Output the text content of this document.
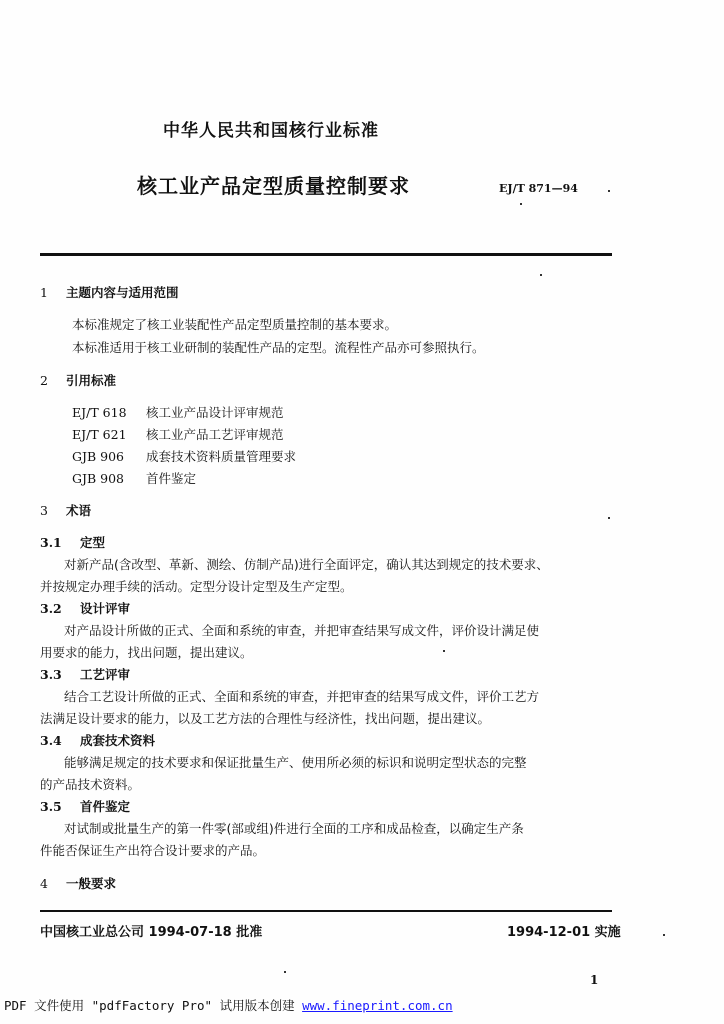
中华人民共和国核行业标准
核工业产品定型质量控制要求	EJ/T 871—94
1 主题内容与适用范围
本标准规定了核工业装配性产品定型质量控制的基本要求。
本标准适用于核工业研制的装配性产品的定型。流程性产品亦可参照执行。
2 引用标准
EJ/T 618 核工业产品设计评审规范
EJ/T 621 核工业产品工艺评审规范
GJB 906 成套技术资料质量管理要求
GJB 908 首件鉴定
3 术语
3.1 定型
对新产品(含改型、革新、测绘、仿制产品)进行全面评定，确认其达到规定的技术要求、
并按规定办理手续的活动。定型分设计定型及生产定型。
3.2 设计评审
对产品设计所做的正式、全面和系统的审查，并把审查结果写成文件，评价设计满足使
用要求的能力，找出问题，提出建议。
3.3 工艺评审
结合工艺设计所做的正式、全面和系统的审查，并把审查的结果写成文件，评价工艺方
法满足设计要求的能力，以及工艺方法的合理性与经济性，找出问题，提出建议。
3.4 成套技术资料
能够满足规定的技术要求和保证批量生产、使用所必须的标识和说明定型状态的完整
的产品技术资料。
3.5 首件鉴定
对试制或批量生产的第一件零(部或组)件进行全面的工序和成品检查，以确定生产条
件能否保证生产出符合设计要求的产品。
4 一般要求
中国核工业总公司 1994-07-18 批准	1994-12-01 实施
1
PDF 文件使用 "pdfFactory Pro" 试用版本创建 www.fineprint.com.cn
